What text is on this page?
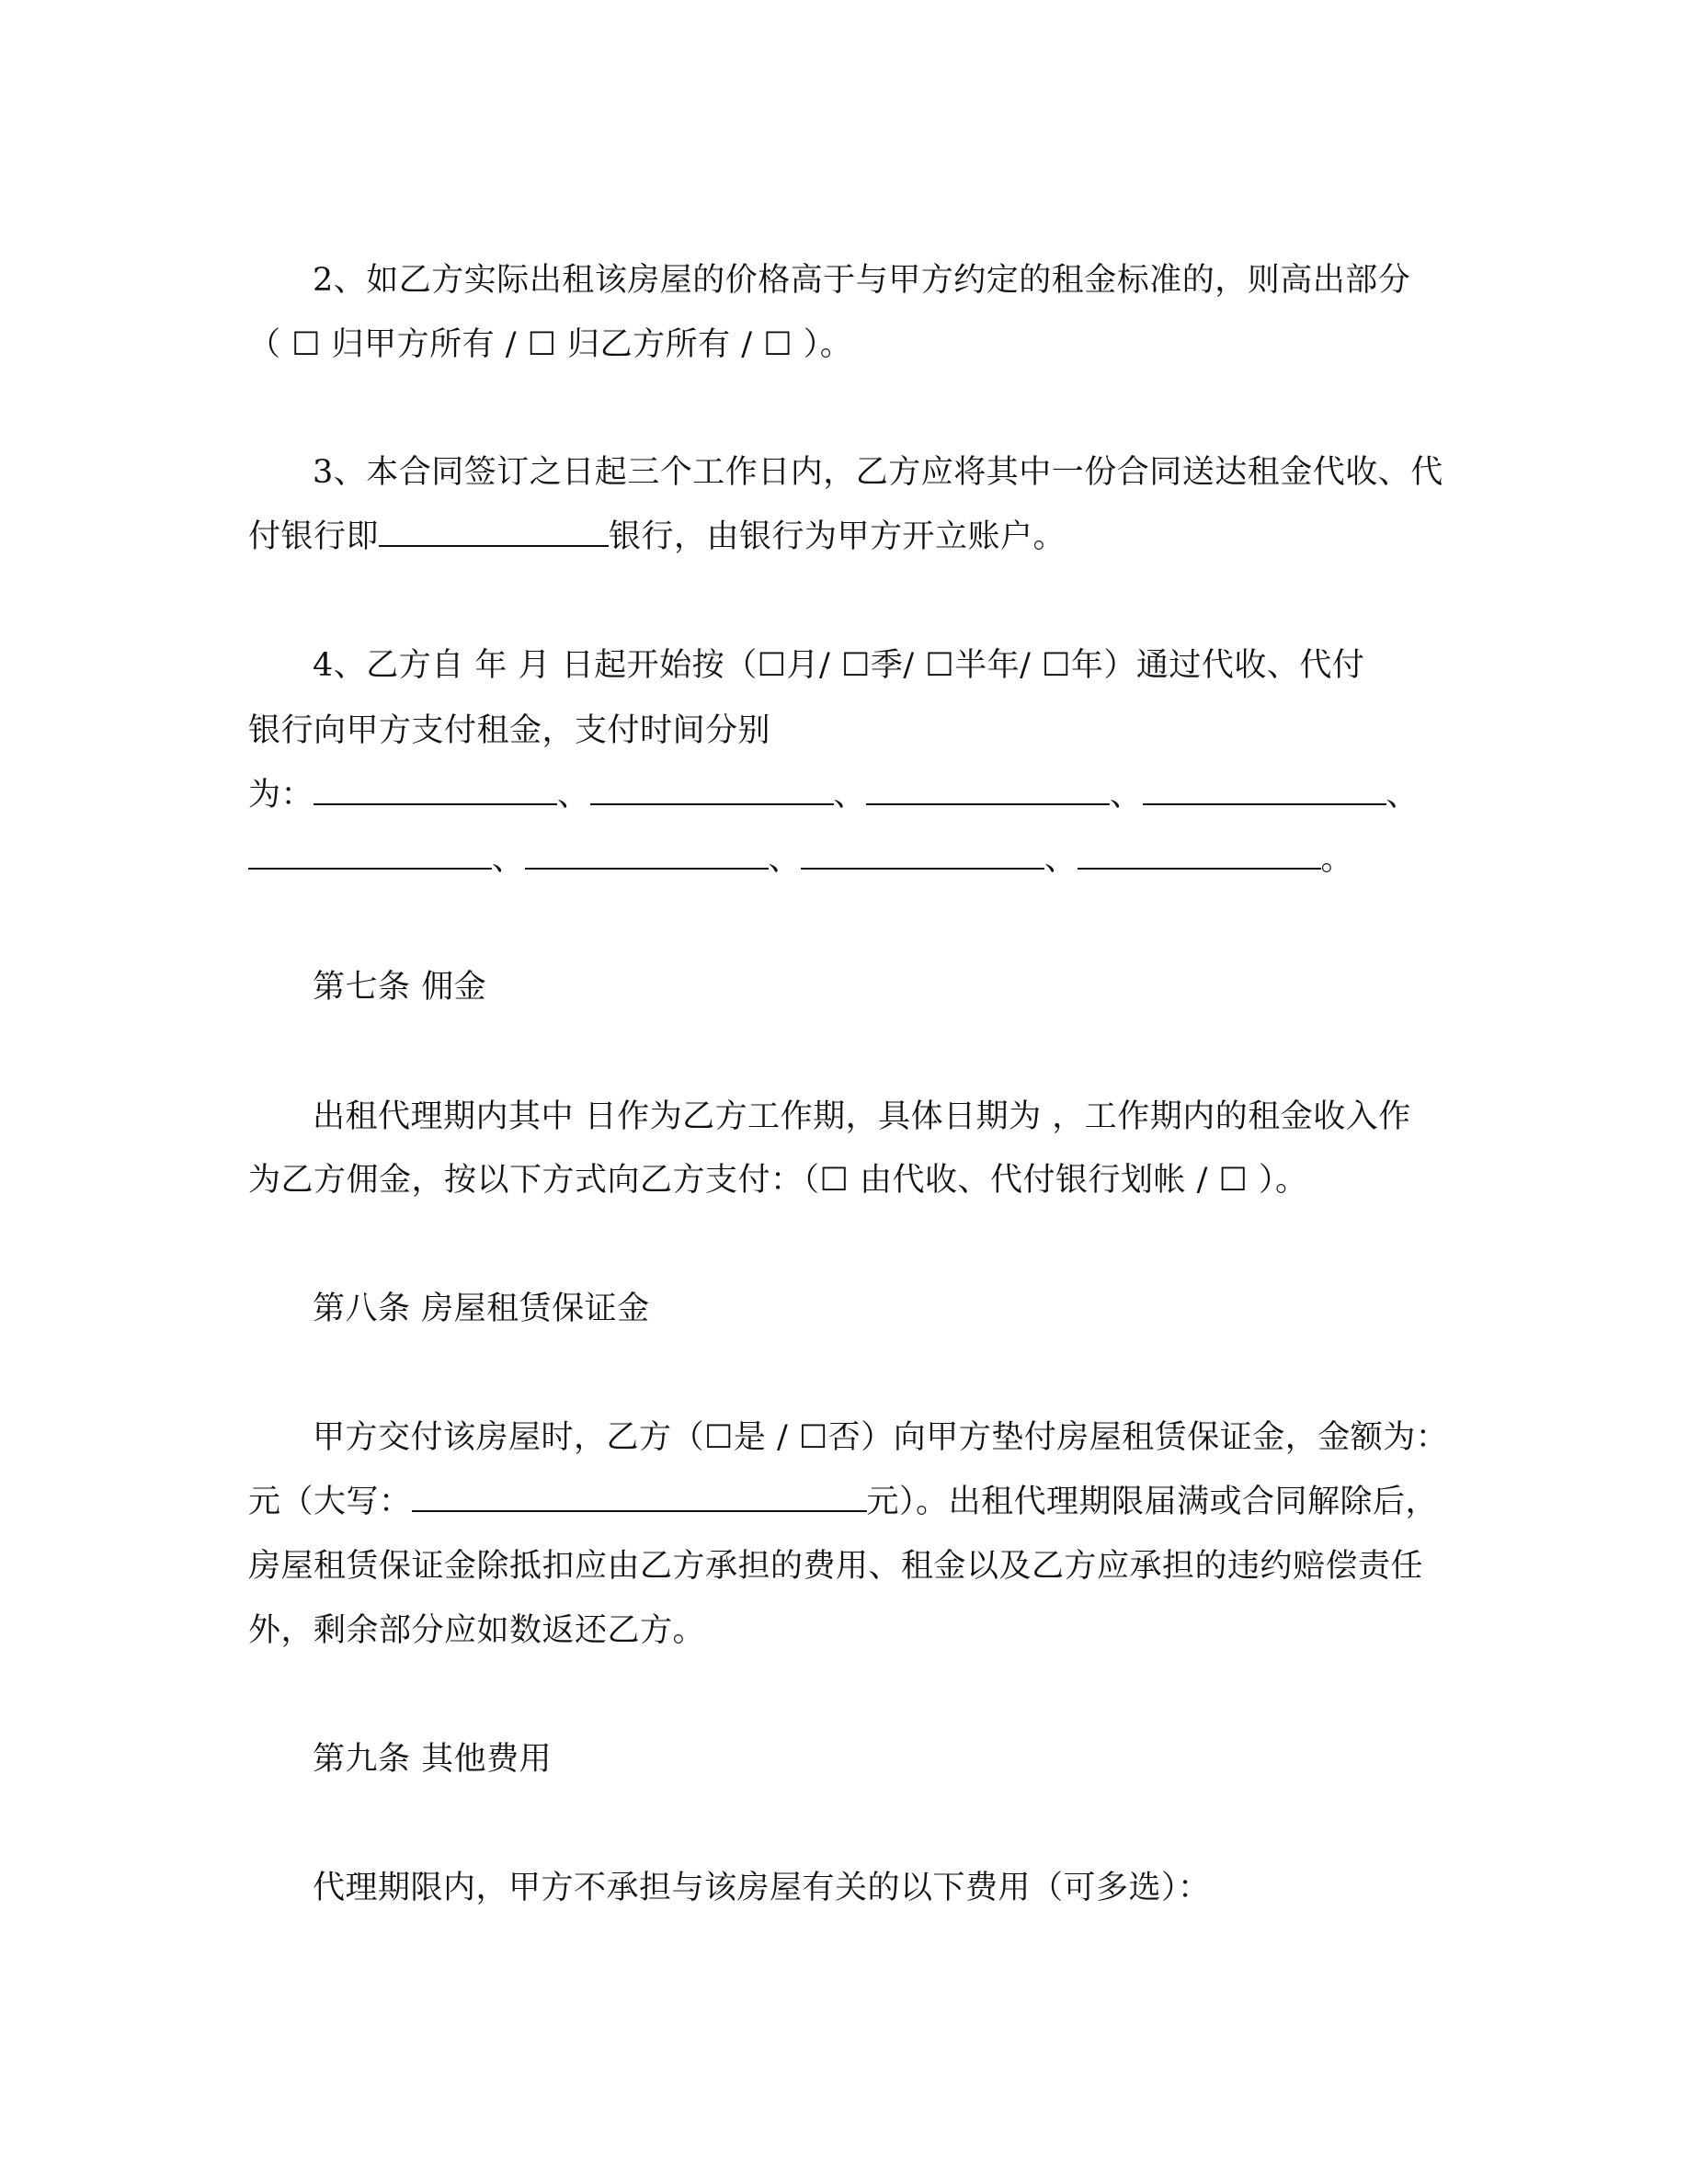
2、如乙方实际出租该房屋的价格高于与甲方约定的租金标准的，则高出部分
（ ☐ 归甲方所有 / ☐ 归乙方所有 / ☐ ）。
3、本合同签订之日起三个工作日内，乙方应将其中一份合同送达租金代收、代
付银行即	银行，由银行为甲方开立账户。
4、乙方自 年 月 日起开始按（☐月/ ☐季/ ☐半年/ ☐年）通过代收、代付
银行向甲方支付租金，支付时间分别
为：	、	、	、	、
、	、	、	。
第七条 佣金
出租代理期内其中 日作为乙方工作期，具体日期为 ，工作期内的租金收入作
为乙方佣金，按以下方式向乙方支付：（☐ 由代收、代付银行划帐 / ☐ ）。
第八条 房屋租赁保证金
甲方交付该房屋时，乙方（☐是 / ☐否）向甲方垫付房屋租赁保证金，金额为：
元（大写：	元）。出租代理期限届满或合同解除后，
房屋租赁保证金除抵扣应由乙方承担的费用、租金以及乙方应承担的违约赔偿责任
外，剩余部分应如数返还乙方。
第九条 其他费用
代理期限内，甲方不承担与该房屋有关的以下费用（可多选）：
